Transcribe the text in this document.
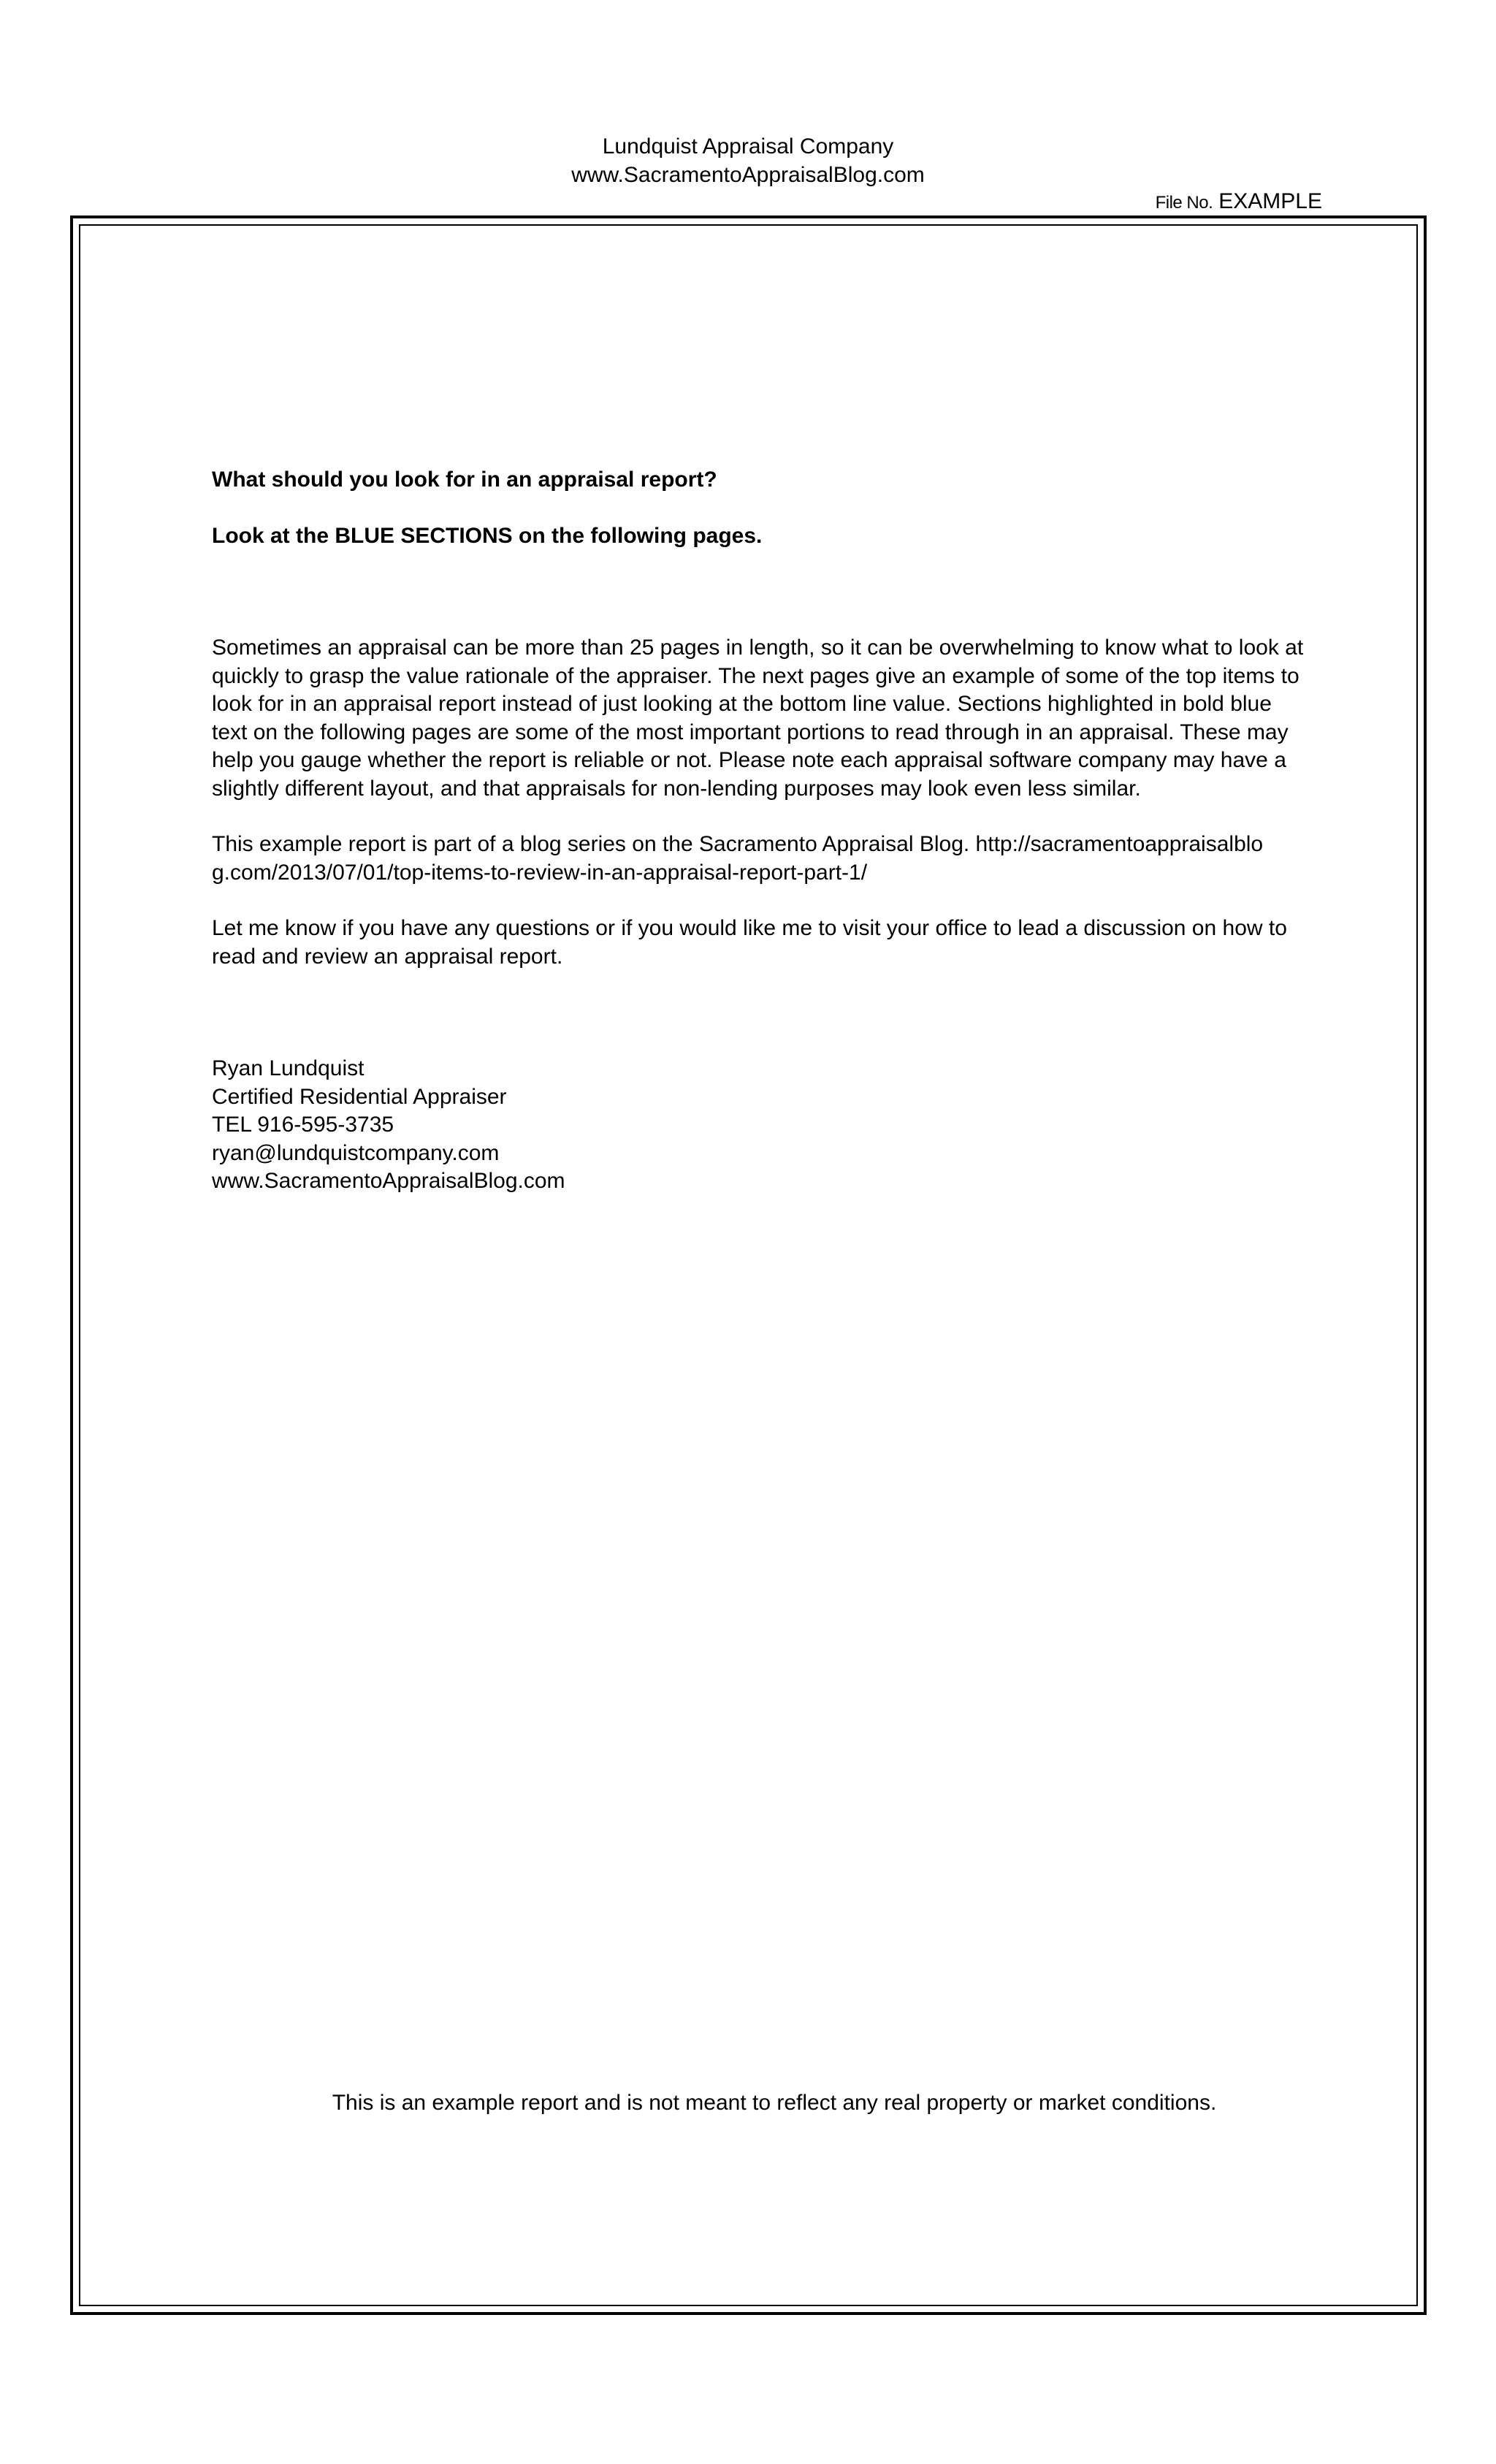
Lundquist Appraisal Company
www.SacramentoAppraisalBlog.com
File No. EXAMPLE

What should you look for in an appraisal report?

Look at the BLUE SECTIONS on the following pages.

Sometimes an appraisal can be more than 25 pages in length, so it can be overwhelming to know what to look at
quickly to grasp the value rationale of the appraiser. The next pages give an example of some of the top items to
look for in an appraisal report instead of just looking at the bottom line value. Sections highlighted in bold blue
text on the following pages are some of the most important portions to read through in an appraisal. These may
help you gauge whether the report is reliable or not. Please note each appraisal software company may have a
slightly different layout, and that appraisals for non-lending purposes may look even less similar.

This example report is part of a blog series on the Sacramento Appraisal Blog. http://sacramentoappraisalblo
g.com/2013/07/01/top-items-to-review-in-an-appraisal-report-part-1/

Let me know if you have any questions or if you would like me to visit your office to lead a discussion on how to
read and review an appraisal report.

Ryan Lundquist
Certified Residential Appraiser
TEL 916-595-3735
ryan@lundquistcompany.com
www.SacramentoAppraisalBlog.com
This is an example report and is not meant to reflect any real property or market conditions.
